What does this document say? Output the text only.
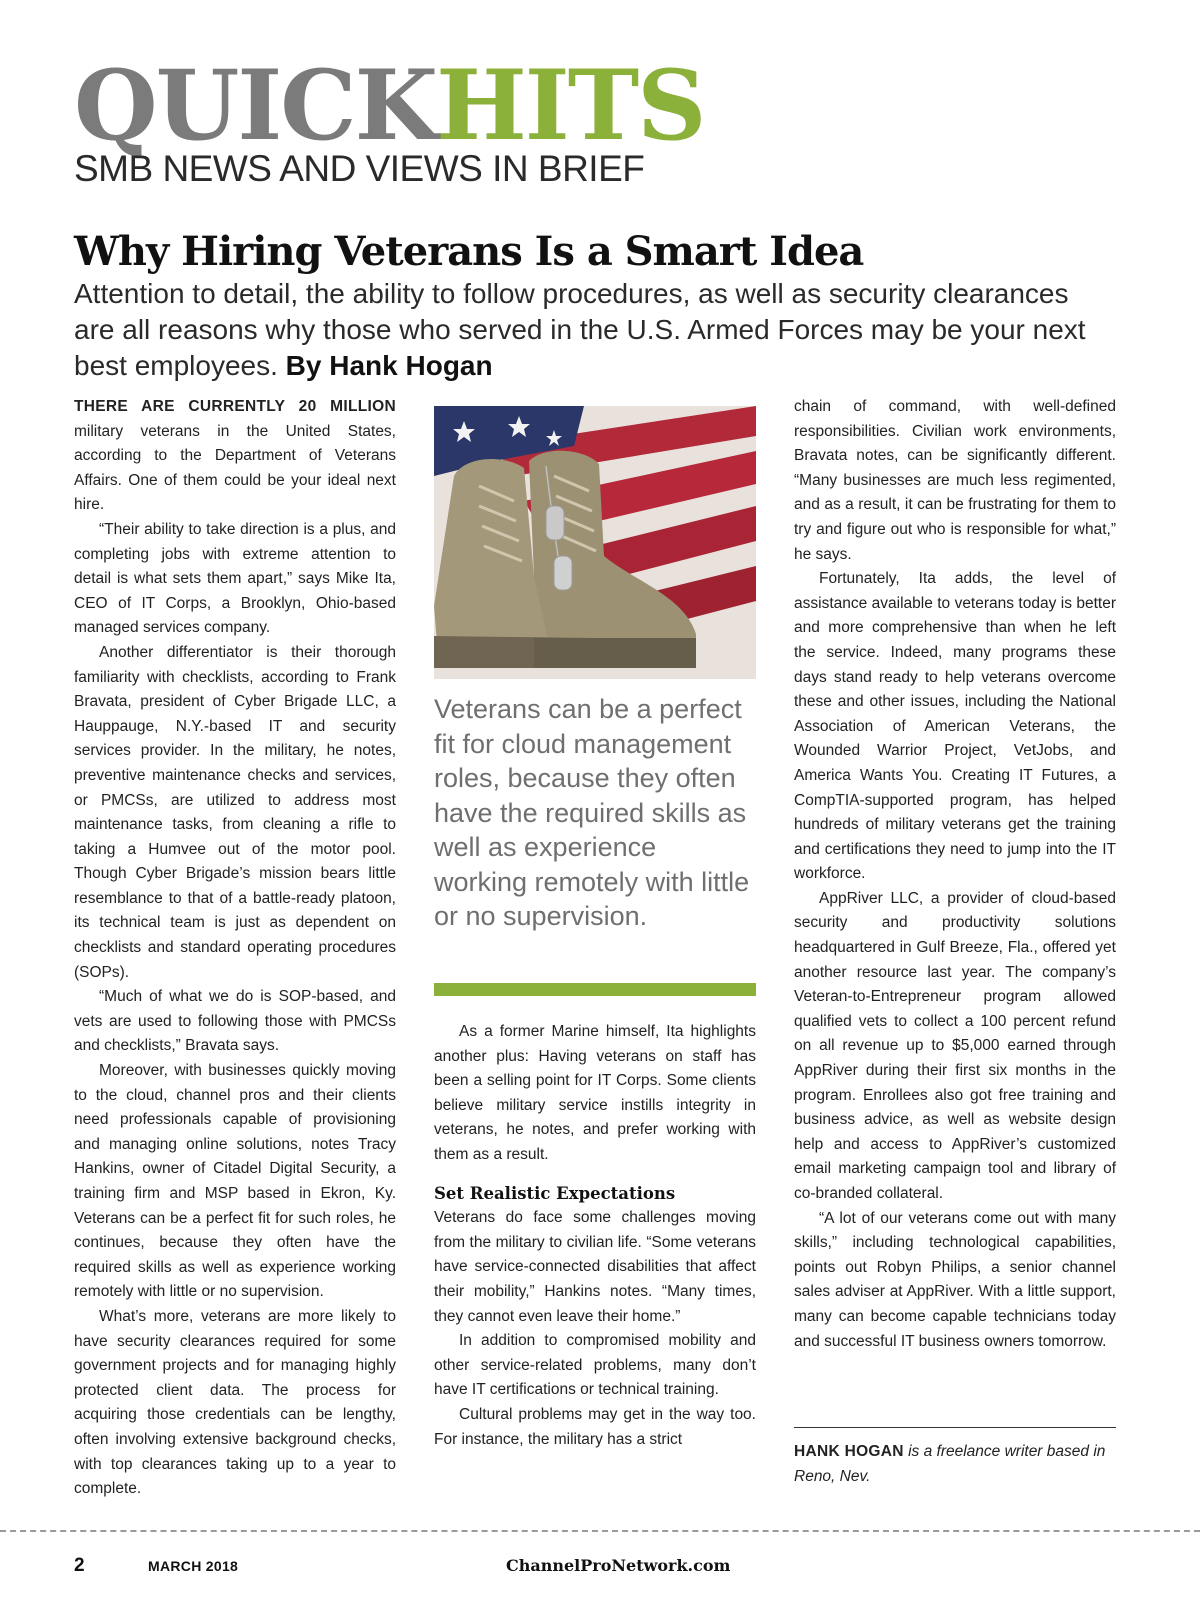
QUICKHITS
SMB NEWS AND VIEWS IN BRIEF
Why Hiring Veterans Is a Smart Idea
Attention to detail, the ability to follow procedures, as well as security clearances are all reasons why those who served in the U.S. Armed Forces may be your next best employees. By Hank Hogan

THERE ARE CURRENTLY 20 MILLION military veterans in the United States, according to the Department of Veterans Affairs. One of them could be your ideal next hire.

“Their ability to take direction is a plus, and completing jobs with extreme attention to detail is what sets them apart,” says Mike Ita, CEO of IT Corps, a Brooklyn, Ohio-based managed services company.

Another differentiator is their thorough familiarity with checklists, according to Frank Bravata, president of Cyber Brigade LLC, a Hauppauge, N.Y.-based IT and security services provider. In the military, he notes, preventive maintenance checks and services, or PMCSs, are utilized to address most maintenance tasks, from cleaning a rifle to taking a Humvee out of the motor pool. Though Cyber Brigade’s mission bears little resemblance to that of a battle-ready platoon, its technical team is just as dependent on checklists and standard operating procedures (SOPs).

“Much of what we do is SOP-based, and vets are used to following those with PMCSs and checklists,” Bravata says.

Moreover, with businesses quickly moving to the cloud, channel pros and their clients need professionals capable of provisioning and managing online solutions, notes Tracy Hankins, owner of Citadel Digital Security, a training firm and MSP based in Ekron, Ky. Veterans can be a perfect fit for such roles, he continues, because they often have the required skills as well as experience working remotely with little or no supervision.

What’s more, veterans are more likely to have security clearances required for some government projects and for managing highly protected client data. The process for acquiring those credentials can be lengthy, often involving extensive background checks, with top clearances taking up to a year to complete.

Veterans can be a perfect fit for cloud management roles, because they often have the required skills as well as experience working remotely with little or no supervision.

As a former Marine himself, Ita highlights another plus: Having veterans on staff has been a selling point for IT Corps. Some clients believe military service instills integrity in veterans, he notes, and prefer working with them as a result.

Set Realistic Expectations

Veterans do face some challenges moving from the military to civilian life. “Some veterans have service-connected disabilities that affect their mobility,” Hankins notes. “Many times, they cannot even leave their home.”

In addition to compromised mobility and other service-related problems, many don’t have IT certifications or technical training.

Cultural problems may get in the way too. For instance, the military has a strict

chain of command, with well-defined responsibilities. Civilian work environments, Bravata notes, can be significantly different. “Many businesses are much less regimented, and as a result, it can be frustrating for them to try and figure out who is responsible for what,” he says.

Fortunately, Ita adds, the level of assistance available to veterans today is better and more comprehensive than when he left the service. Indeed, many programs these days stand ready to help veterans overcome these and other issues, including the National Association of American Veterans, the Wounded Warrior Project, VetJobs, and America Wants You. Creating IT Futures, a CompTIA-supported program, has helped hundreds of military veterans get the training and certifications they need to jump into the IT workforce.

AppRiver LLC, a provider of cloud-based security and productivity solutions headquartered in Gulf Breeze, Fla., offered yet another resource last year. The company’s Veteran-to-Entrepreneur program allowed qualified vets to collect a 100 percent refund on all revenue up to $5,000 earned through AppRiver during their first six months in the program. Enrollees also got free training and business advice, as well as website design help and access to AppRiver’s customized email marketing campaign tool and library of co-branded collateral.

“A lot of our veterans come out with many skills,” including technological capabilities, points out Robyn Philips, a senior channel sales adviser at AppRiver. With a little support, many can become capable technicians today and successful IT business owners tomorrow.

HANK HOGAN is a freelance writer based in Reno, Nev.
2	MARCH 2018	ChannelProNetwork.com
